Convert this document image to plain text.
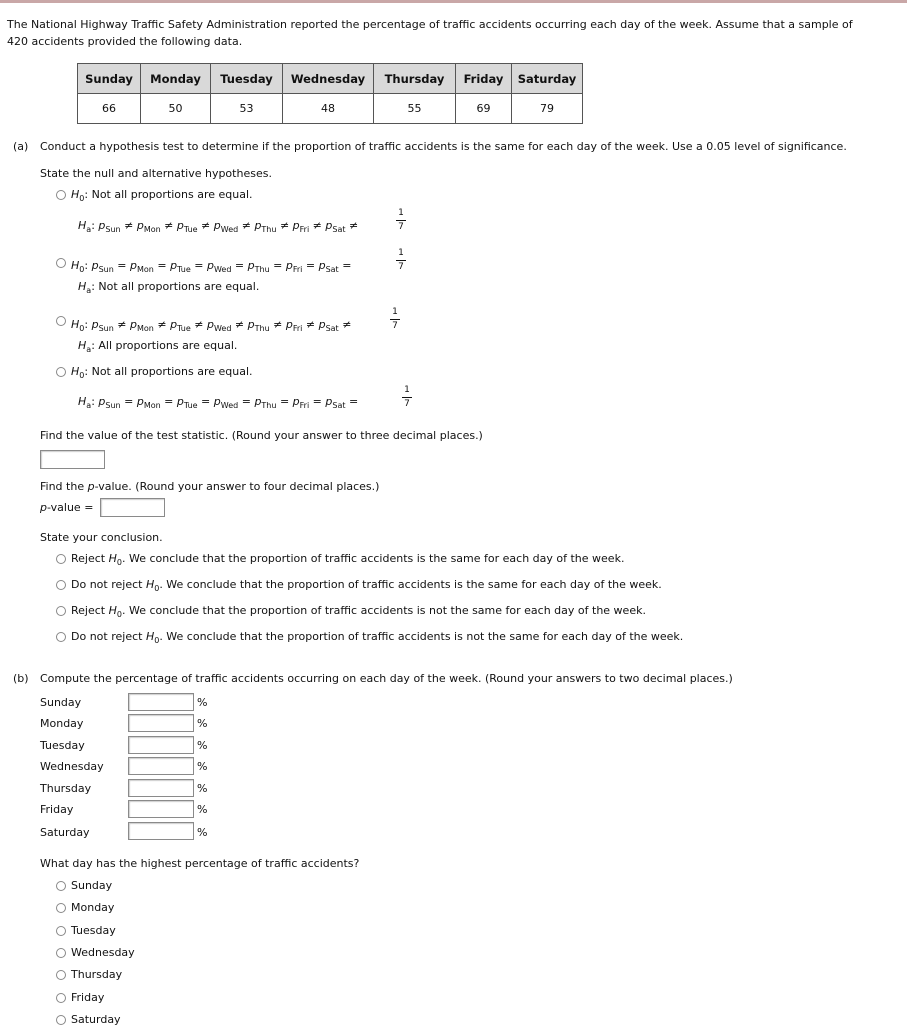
The National Highway Traffic Safety Administration reported the percentage of traffic accidents occurring each day of the week. Assume that a sample of
420 accidents provided the following data.
Sunday	Monday	Tuesday	Wednesday	Thursday	Friday	Saturday
66	50	53	48	55	69	79
(a) Conduct a hypothesis test to determine if the proportion of traffic accidents is the same for each day of the week. Use a 0.05 level of significance.
State the null and alternative hypotheses.
$H_0$: Not all proportions are equal.
$H_a$: $p_{Sun} \ne p_{Mon} \ne p_{Tue} \ne p_{Wed} \ne p_{Thu} \ne p_{Fri} \ne p_{Sat}$ ≠
1
7
$H_0$: $p_{Sun} = p_{Mon} = p_{Tue} = p_{Wed} = p_{Thu} = p_{Fri} = p_{Sat}$ =
1
7
$H_a$: Not all proportions are equal.
$H_0$: $p_{Sun} \ne p_{Mon} \ne p_{Tue} \ne p_{Wed} \ne p_{Thu} \ne p_{Fri} \ne p_{Sat}$ ≠
1
7
$H_a$: All proportions are equal.
$H_0$: Not all proportions are equal.
$H_a$: $p_{Sun} = p_{Mon} = p_{Tue} = p_{Wed} = p_{Thu} = p_{Fri} = p_{Sat}$ =
1
7
Find the value of the test statistic. (Round your answer to three decimal places.)
Find the p-value. (Round your answer to four decimal places.)
p-value =
State your conclusion.
Reject $H_0$. We conclude that the proportion of traffic accidents is the same for each day of the week.
Do not reject $H_0$. We conclude that the proportion of traffic accidents is the same for each day of the week.
Reject $H_0$. We conclude that the proportion of traffic accidents is not the same for each day of the week.
Do not reject $H_0$. We conclude that the proportion of traffic accidents is not the same for each day of the week.
(b) Compute the percentage of traffic accidents occurring on each day of the week. (Round your answers to two decimal places.)
Sunday	%
Monday	%
Tuesday	%
Wednesday	%
Thursday	%
Friday	%
Saturday	%
What day has the highest percentage of traffic accidents?
Sunday
Monday
Tuesday
Wednesday
Thursday
Friday
Saturday
